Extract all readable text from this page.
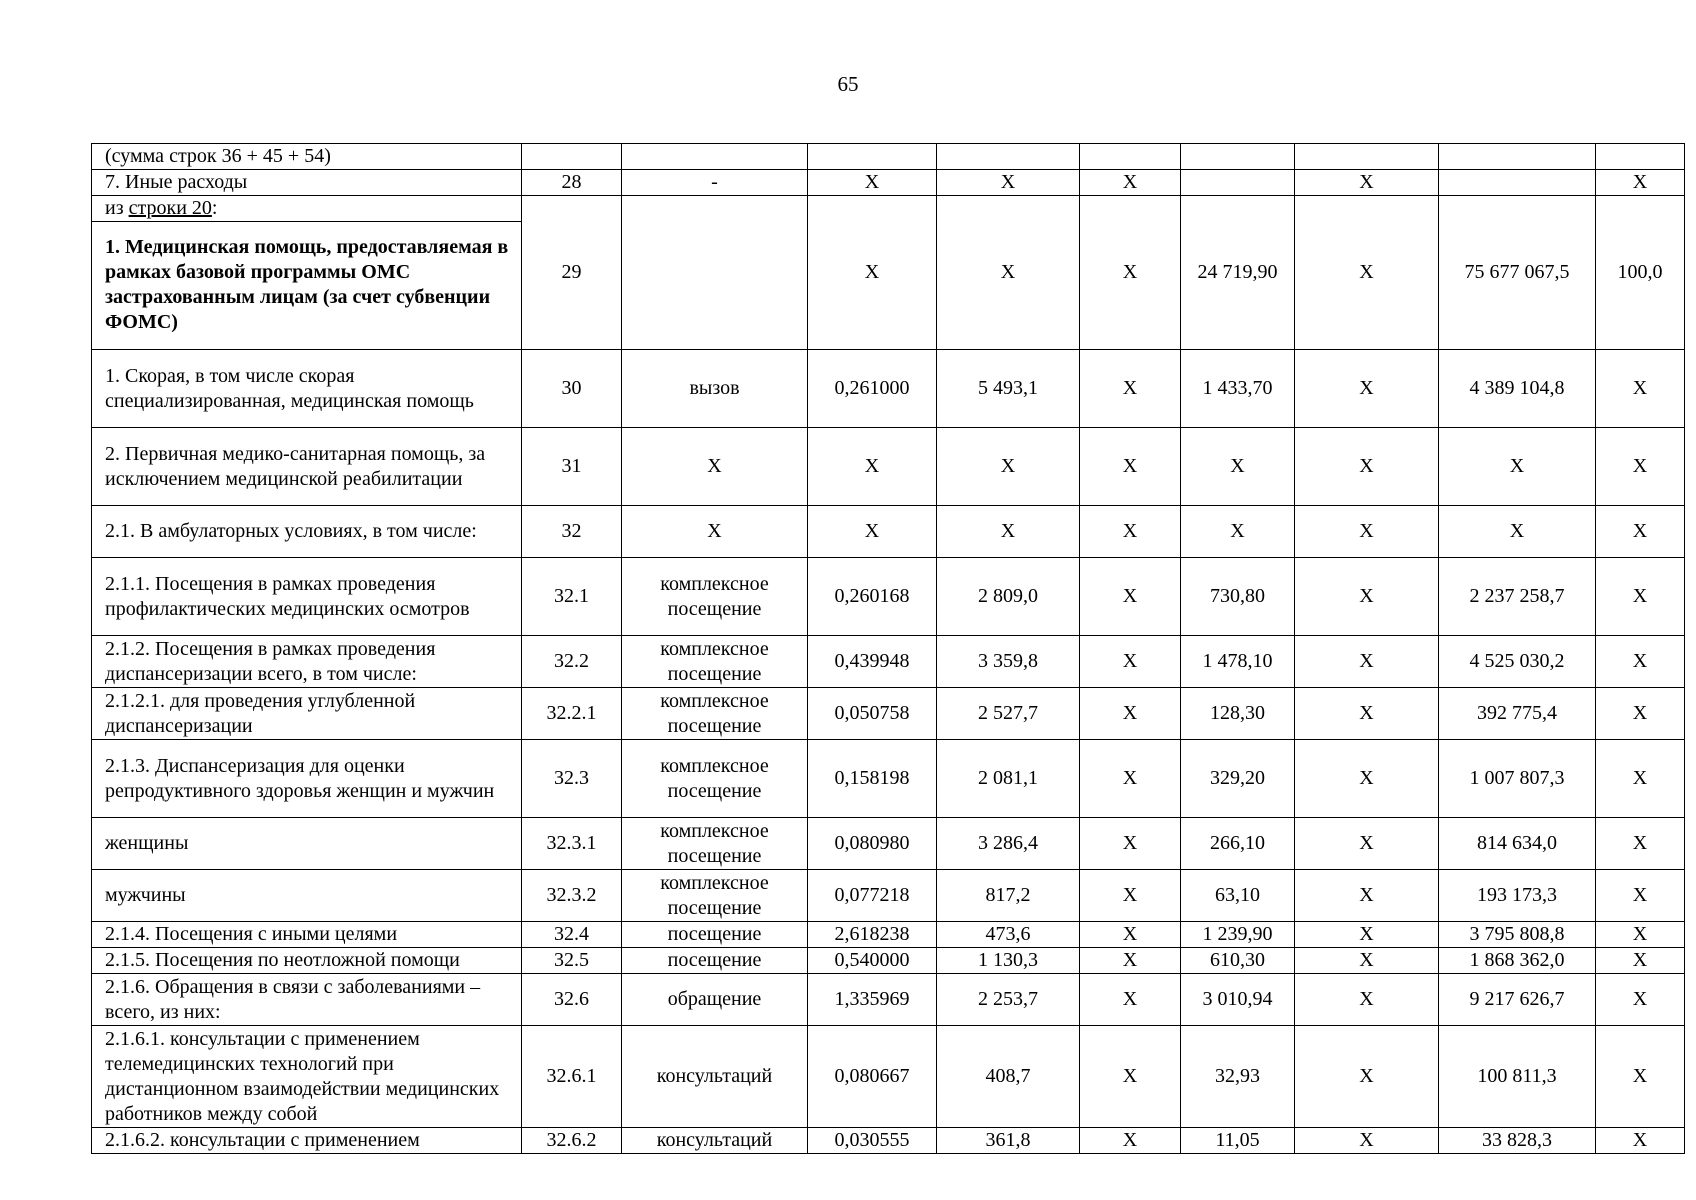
65
(сумма строк 36 + 45 + 54)									
7. Иные расходы	28	-	X	X	X		X		X

из строки 20:
1. Медицинская помощь, предоставляемая в рамках базовой программы ОМС застрахованным лицам (за счет субвенции ФОМС)	29		X	X	X	24 719,90	X	75 677 067,5	100,0
1. Скорая, в том числе скорая специализированная, медицинская помощь	30	вызов	0,261000	5 493,1	X	1 433,70	X	4 389 104,8	X
2. Первичная медико-санитарная помощь, за исключением медицинской реабилитации	31	X	X	X	X	X	X	X	X
2.1. В амбулаторных условиях, в том числе:	32	X	X	X	X	X	X	X	X
2.1.1. Посещения в рамках проведения профилактических медицинских осмотров	32.1	комплексное посещение	0,260168	2 809,0	X	730,80	X	2 237 258,7	X
2.1.2. Посещения в рамках проведения диспансеризации всего, в том числе:	32.2	комплексное посещение	0,439948	3 359,8	X	1 478,10	X	4 525 030,2	X
2.1.2.1. для проведения углубленной диспансеризации	32.2.1	комплексное посещение	0,050758	2 527,7	X	128,30	X	392 775,4	X
2.1.3. Диспансеризация для оценки репродуктивного здоровья женщин и мужчин	32.3	комплексное посещение	0,158198	2 081,1	X	329,20	X	1 007 807,3	X
женщины	32.3.1	комплексное посещение	0,080980	3 286,4	X	266,10	X	814 634,0	X
мужчины	32.3.2	комплексное посещение	0,077218	817,2	X	63,10	X	193 173,3	X
2.1.4. Посещения с иными целями	32.4	посещение	2,618238	473,6	X	1 239,90	X	3 795 808,8	X
2.1.5. Посещения по неотложной помощи	32.5	посещение	0,540000	1 130,3	X	610,30	X	1 868 362,0	X
2.1.6. Обращения в связи с заболеваниями – всего, из них:	32.6	обращение	1,335969	2 253,7	X	3 010,94	X	9 217 626,7	X
2.1.6.1. консультации с применением телемедицинских технологий при дистанционном взаимодействии медицинских работников между собой	32.6.1	консультаций	0,080667	408,7	X	32,93	X	100 811,3	X
2.1.6.2. консультации с применением	32.6.2	консультаций	0,030555	361,8	X	11,05	X	33 828,3	X
